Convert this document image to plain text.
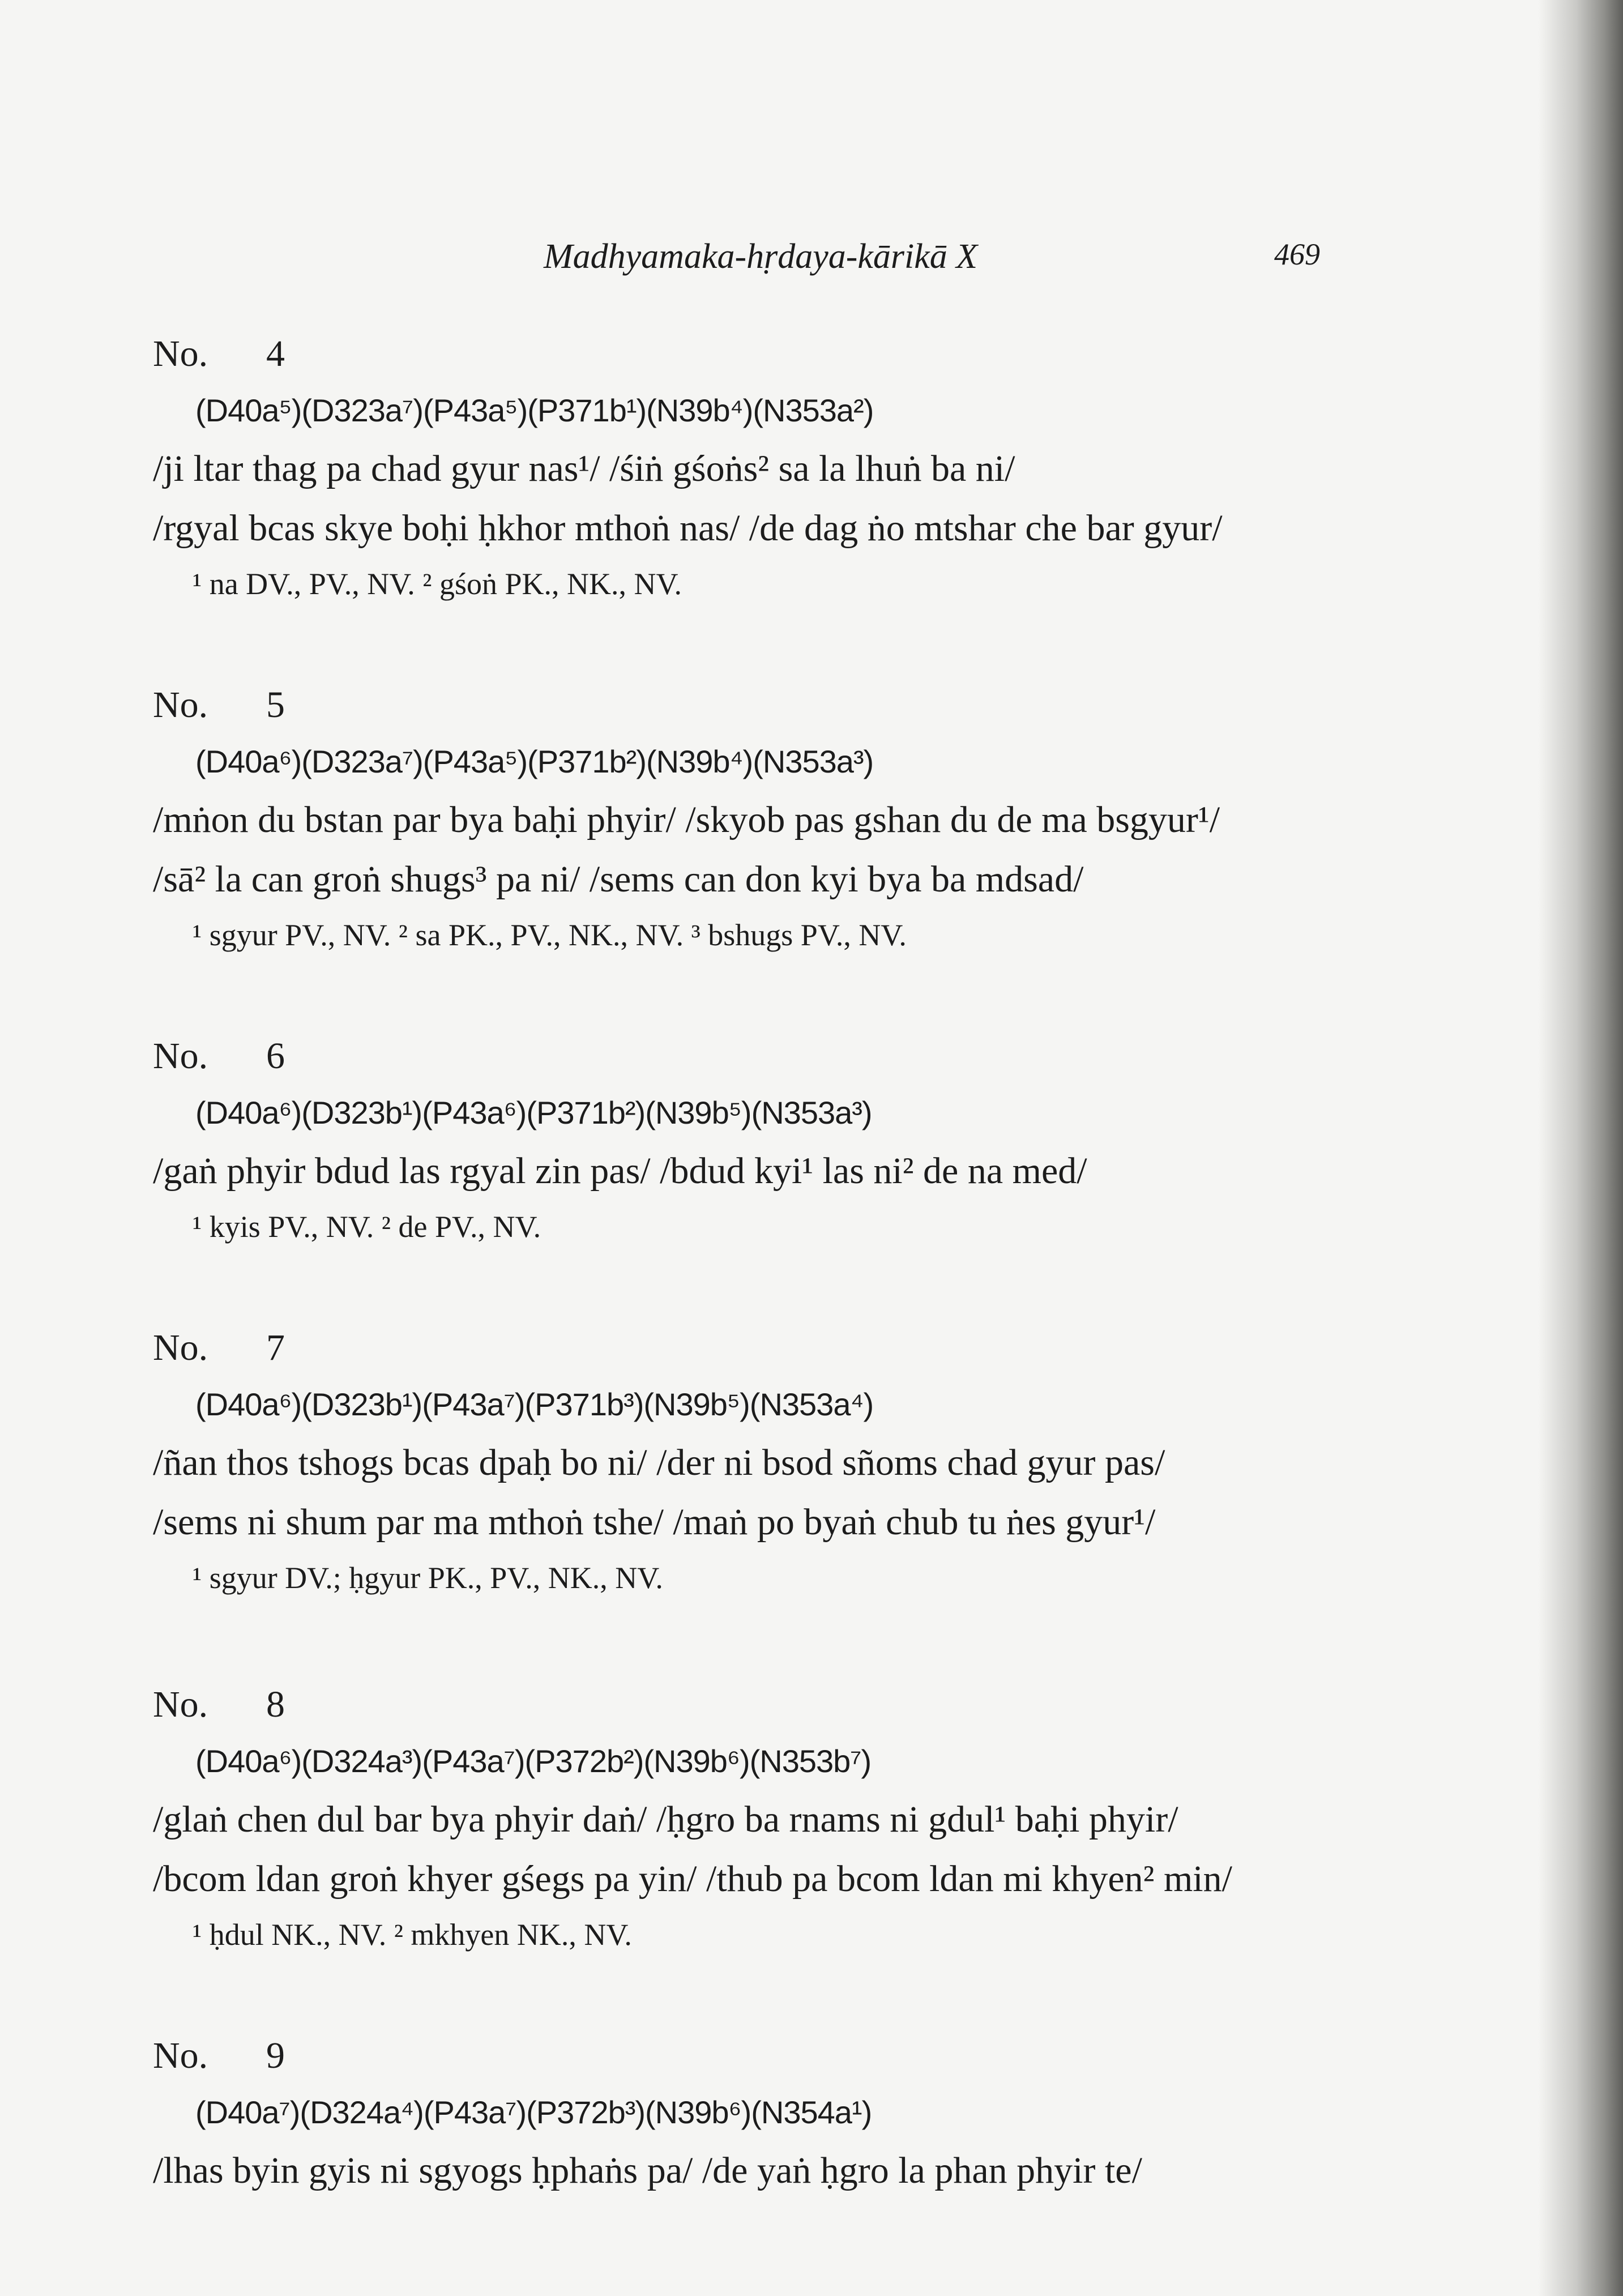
Madhyamaka-hṛdaya-kārikā X	469
No. 4
(D40a⁵)(D323a⁷)(P43a⁵)(P371b¹)(N39b⁴)(N353a²)
/ji ltar thag pa chad gyur nas¹/ /śiṅ gśoṅs² sa la lhuṅ ba ni/
/rgyal bcas skye boḥi ḥkhor mthoṅ nas/ /de dag ṅo mtshar che bar gyur/
¹ na DV., PV., NV. ² gśoṅ PK., NK., NV.
No. 5
(D40a⁶)(D323a⁷)(P43a⁵)(P371b²)(N39b⁴)(N353a³)
/mṅon du bstan par bya baḥi phyir/ /skyob pas gshan du de ma bsgyur¹/
/sā² la can groṅ shugs³ pa ni/ /sems can don kyi bya ba mdsad/
¹ sgyur PV., NV. ² sa PK., PV., NK., NV. ³ bshugs PV., NV.
No. 6
(D40a⁶)(D323b¹)(P43a⁶)(P371b²)(N39b⁵)(N353a³)
/gaṅ phyir bdud las rgyal zin pas/ /bdud kyi¹ las ni² de na med/
¹ kyis PV., NV. ² de PV., NV.
No. 7
(D40a⁶)(D323b¹)(P43a⁷)(P371b³)(N39b⁵)(N353a⁴)
/ñan thos tshogs bcas dpaḥ bo ni/ /der ni bsod sñoms chad gyur pas/
/sems ni shum par ma mthoṅ tshe/ /maṅ po byaṅ chub tu ṅes gyur¹/
¹ sgyur DV.; ḥgyur PK., PV., NK., NV.
No. 8
(D40a⁶)(D324a³)(P43a⁷)(P372b²)(N39b⁶)(N353b⁷)
/glaṅ chen dul bar bya phyir daṅ/ /ḥgro ba rnams ni gdul¹ baḥi phyir/
/bcom ldan groṅ khyer gśegs pa yin/ /thub pa bcom ldan mi khyen² min/
¹ ḥdul NK., NV. ² mkhyen NK., NV.
No. 9
(D40a⁷)(D324a⁴)(P43a⁷)(P372b³)(N39b⁶)(N354a¹)
/lhas byin gyis ni sgyogs ḥphaṅs pa/ /de yaṅ ḥgro la phan phyir te/
